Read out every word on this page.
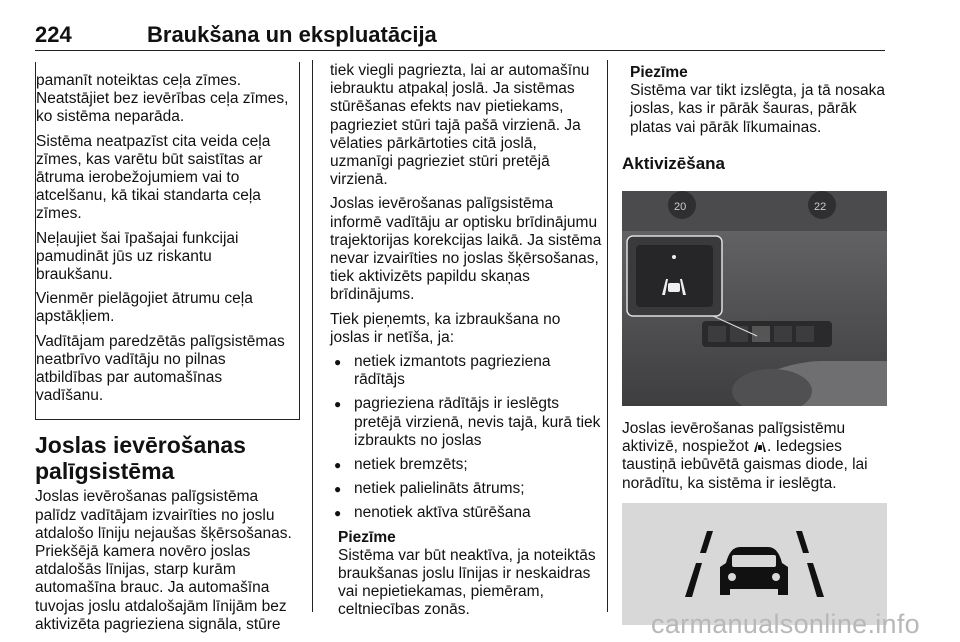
224	Braukšana un ekspluatācija

pamanīt noteiktas ceļa zīmes. Neatstājiet bez ievērības ceļa zīmes, ko sistēma neparāda.

Sistēma neatpazīst cita veida ceļa zīmes, kas varētu būt saistītas ar ātruma ierobežojumiem vai to atcelšanu, kā tikai standarta ceļa zīmes.

Neļaujiet šai īpašajai funkcijai pamudināt jūs uz riskantu braukšanu.

Vienmēr pielāgojiet ātrumu ceļa apstākļiem.

Vadītājam paredzētās palīgsistēmas neatbrīvo vadītāju no pilnas atbildības par automašīnas vadīšanu.

Joslas ievērošanas palīgsistēma

Joslas ievērošanas palīgsistēma palīdz vadītājam izvairīties no joslu atdalošo līniju nejaušas šķērsošanas. Priekšējā kamera novēro joslas atdalošās līnijas, starp kurām automašīna brauc. Ja automašīna tuvojas joslu atdalošajām līnijām bez aktivizēta pagrieziena signāla, stūre

tiek viegli pagriezta, lai ar automašīnu iebrauktu atpakaļ joslā. Ja sistēmas stūrēšanas efekts nav pietiekams, pagrieziet stūri tajā pašā virzienā. Ja vēlaties pārkārtoties citā joslā, uzmanīgi pagrieziet stūri pretējā virzienā.

Joslas ievērošanas palīgsistēma informē vadītāju ar optisku brīdinājumu trajektorijas korekcijas laikā. Ja sistēma nevar izvairīties no joslas šķērsošanas, tiek aktivizēts papildu skaņas brīdinājums.

Tiek pieņemts, ka izbraukšana no joslas ir netīša, ja:

● netiek izmantots pagrieziena rādītājs
● pagrieziena rādītājs ir ieslēgts pretējā virzienā, nevis tajā, kurā tiek izbraukts no joslas
● netiek bremzēts;
● netiek palielināts ātrums;
● nenotiek aktīva stūrēšana
Piezīme
Sistēma var būt neaktīva, ja noteiktās braukšanas joslu līnijas ir neskaidras vai nepietiekamas, piemēram, celtniecības zonās.
Piezīme
Sistēma var tikt izslēgta, ja tā nosaka joslas, kas ir pārāk šauras, pārāk platas vai pārāk līkumainas.
Aktivizēšana
20	22

Joslas ievērošanas palīgsistēmu aktivizē, nospiežot . Iedegsies taustiņā iebūvētā gaismas diode, lai norādītu, ka sistēma ir ieslēgta.

carmanualsonline.info
